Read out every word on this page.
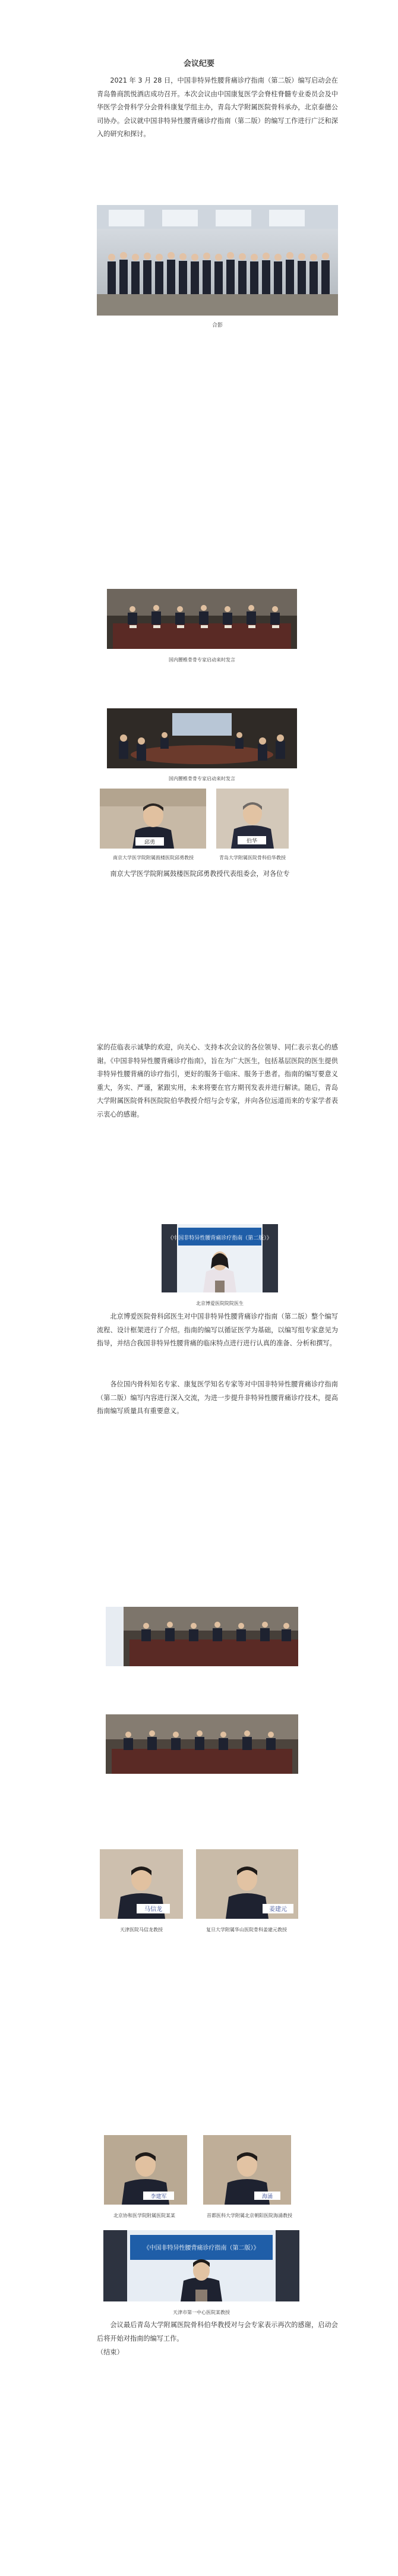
会议纪要

2021 年 3 月 28 日，中国非特异性腰背痛诊疗指南（第二版）编写启动会在青岛鲁商凯悦酒店成功召开。本次会议由中国康复医学会脊柱脊髓专业委员会及中华医学会骨科学分会骨科康复学组主办，青岛大学附属医院骨科承办，北京泰德公司协办。会议就中国非特异性腰背痛诊疗指南（第二版）的编写工作进行广泛和深入的研究和探讨。

合影
国内腰椎骨骨专家启动来时发言
国内腰椎骨骨专家启动来时发言
邱勇	伯华
南京大学医学院附属鼓楼医院邱勇教授	青岛大学附属医院骨科伯华教授

南京大学医学院附属鼓楼医院邱勇教授代表组委会，对各位专

家的莅临表示诚挚的欢迎，向关心、支持本次会议的各位领导、同仁表示衷心的感谢。《中国非特异性腰背痛诊疗指南》，旨在为广大医生，包括基层医院的医生提供非特异性腰背痛的诊疗指引，更好的服务于临床、服务于患者。指南的编写要意义重大，务实、严谨，紧跟实用，未来将要在官方期刊发表并进行解读。随后，青岛大学附属医院骨科医院院伯华教授介绍与会专家，并向各位远道而来的专家学者表示衷心的感谢。

《中国非特异性腰背痛诊疗指南（第二版）》
北京博爱医院院院医生

北京博爱医院骨科邱医生对中国非特异性腰背痛诊疗指南（第二版）整个编写流程、设计框架进行了介绍。指南的编写以循证医学为基础，以编写组专家意见为指导，并结合我国非特异性腰背痛的临床特点进行进行认真的准备、分析和撰写。

各位国内骨科知名专家、康复医学知名专家等对中国非特异性腰背痛诊疗指南（第二版）编写内容进行深入交流，为进一步提升非特异性腰背痛诊疗技术，提高指南编写质量具有重要意义。

马信龙	姜建元
天津医院马信龙教授	复旦大学附属华山医院骨科姜建元教授
李建军	海涌
北京协和医学院附属医院某某	首都医科大学附属北京朝阳医院海涌教授
《中国非特异性腰背痛诊疗指南（第二版）》
天津市第一中心医院某教授

会议最后青岛大学附属医院骨科伯华教授对与会专家表示再次的感谢，启动会后将开始对指南的编写工作。

（结束）
